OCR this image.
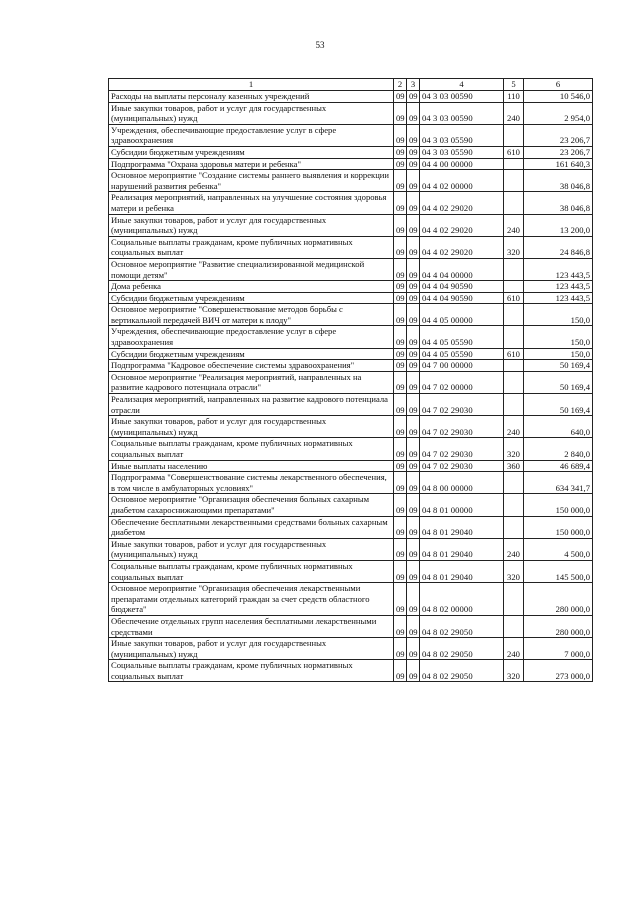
53
1	2	3	4	5	6
Расходы на выплаты персоналу казенных учреждений	09	09	04 3 03 00590	110	10 546,0
Иные закупки товаров, работ и услуг для государственных (муниципальных) нужд	09	09	04 3 03 00590	240	2 954,0
Учреждения, обеспечивающие предоставление услуг в сфере здравоохранения	09	09	04 3 03 05590		23 206,7
Субсидии бюджетным учреждениям	09	09	04 3 03 05590	610	23 206,7
Подпрограмма "Охрана здоровья матери и ребенка"	09	09	04 4 00 00000		161 640,3
Основное мероприятие "Создание системы раннего выявления и коррекции нарушений развития ребенка"	09	09	04 4 02 00000		38 046,8
Реализация мероприятий, направленных на улучшение состояния здоровья матери и ребенка	09	09	04 4 02 29020		38 046,8
Иные закупки товаров, работ и услуг для государственных (муниципальных) нужд	09	09	04 4 02 29020	240	13 200,0
Социальные выплаты гражданам, кроме публичных нормативных социальных выплат	09	09	04 4 02 29020	320	24 846,8
Основное мероприятие "Развитие специализированной медицинской помощи детям"	09	09	04 4 04 00000		123 443,5
Дома ребенка	09	09	04 4 04 90590		123 443,5
Субсидии бюджетным учреждениям	09	09	04 4 04 90590	610	123 443,5
Основное мероприятие "Совершенствование методов борьбы с вертикальной передачей ВИЧ от матери к плоду"	09	09	04 4 05 00000		150,0
Учреждения, обеспечивающие предоставление услуг в сфере здравоохранения	09	09	04 4 05 05590		150,0
Субсидии бюджетным учреждениям	09	09	04 4 05 05590	610	150,0
Подпрограмма "Кадровое обеспечение системы здравоохранения"	09	09	04 7 00 00000		50 169,4
Основное мероприятие "Реализация мероприятий, направленных на развитие кадрового потенциала отрасли"	09	09	04 7 02 00000		50 169,4
Реализация мероприятий, направленных на развитие кадрового потенциала отрасли	09	09	04 7 02 29030		50 169,4
Иные закупки товаров, работ и услуг для государственных (муниципальных) нужд	09	09	04 7 02 29030	240	640,0
Социальные выплаты гражданам, кроме публичных нормативных социальных выплат	09	09	04 7 02 29030	320	2 840,0
Иные выплаты населению	09	09	04 7 02 29030	360	46 689,4
Подпрограмма "Совершенствование системы лекарственного обеспечения, в том числе в амбулаторных условиях"	09	09	04 8 00 00000		634 341,7
Основное мероприятие "Организация обеспечения больных сахарным диабетом сахароснижающими препаратами"	09	09	04 8 01 00000		150 000,0
Обеспечение бесплатными лекарственными средствами больных сахарным диабетом	09	09	04 8 01 29040		150 000,0
Иные закупки товаров, работ и услуг для государственных (муниципальных) нужд	09	09	04 8 01 29040	240	4 500,0
Социальные выплаты гражданам, кроме публичных нормативных социальных выплат	09	09	04 8 01 29040	320	145 500,0
Основное мероприятие "Организация обеспечения лекарственными препаратами отдельных категорий граждан за счет средств областного бюджета"	09	09	04 8 02 00000		280 000,0
Обеспечение отдельных групп населения бесплатными лекарственными средствами	09	09	04 8 02 29050		280 000,0
Иные закупки товаров, работ и услуг для государственных (муниципальных) нужд	09	09	04 8 02 29050	240	7 000,0
Социальные выплаты гражданам, кроме публичных нормативных социальных выплат	09	09	04 8 02 29050	320	273 000,0
